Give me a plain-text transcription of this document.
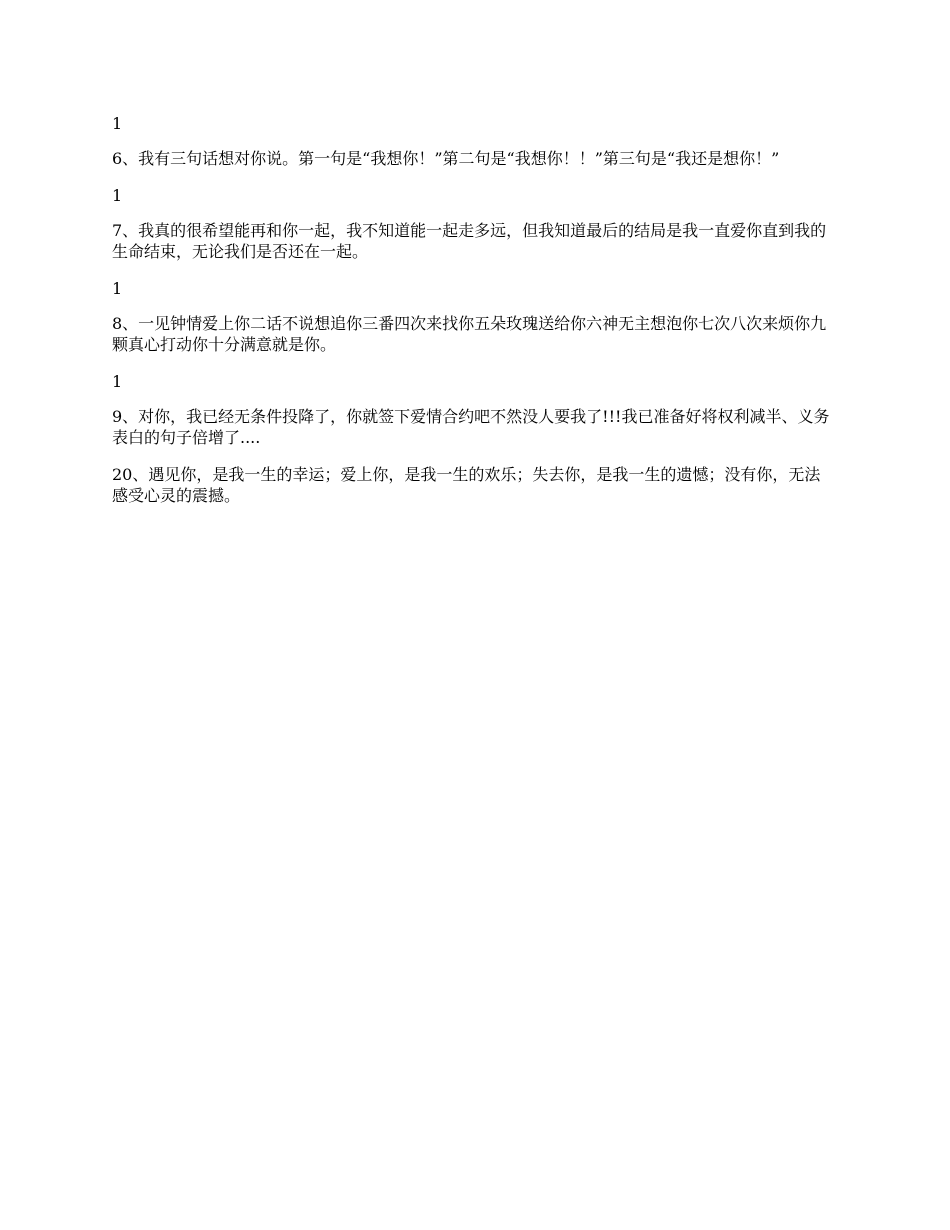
1
6、我有三句话想对你说。第一句是“我想你！”第二句是“我想你！！”第三句是“我还是想你！”
1
7、我真的很希望能再和你一起，我不知道能一起走多远，但我知道最后的结局是我一直爱你直到我的生命结束，无论我们是否还在一起。
1
8、一见钟情爱上你二话不说想追你三番四次来找你五朵玫瑰送给你六神无主想泡你七次八次来烦你九颗真心打动你十分满意就是你。
1
9、对你，我已经无条件投降了，你就签下爱情合约吧不然没人要我了!!!我已准备好将权利减半、义务表白的句子倍增了....
20、遇见你，是我一生的幸运；爱上你，是我一生的欢乐；失去你，是我一生的遗憾；没有你，无法感受心灵的震撼。
